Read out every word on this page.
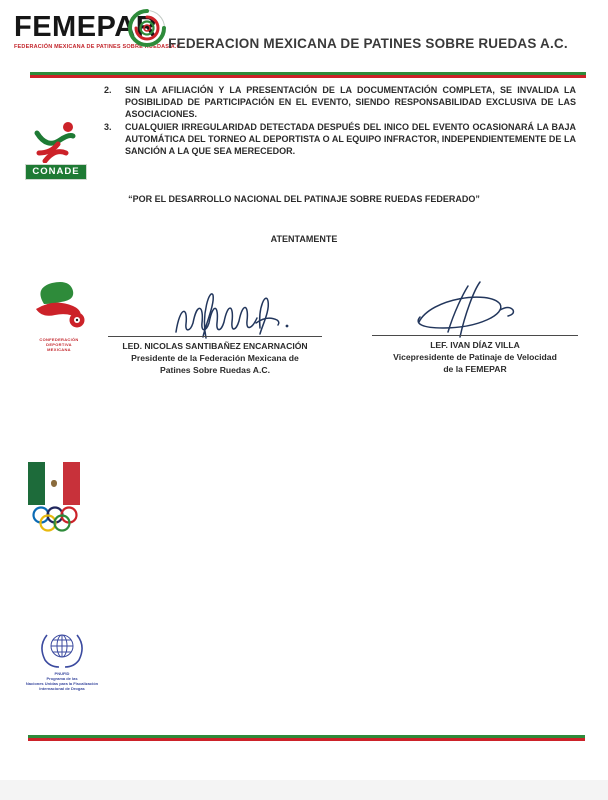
FEMEPAR
FEDERACIÓN MEXICANA DE PATINES SOBRE RUEDAS A.C.
FEDERACION MEXICANA DE PATINES SOBRE RUEDAS A.C.
2.	SIN LA AFILIACIÓN Y LA PRESENTACIÓN DE LA DOCUMENTACIÓN COMPLETA, SE INVALIDA LA POSIBILIDAD DE PARTICIPACIÓN EN EL EVENTO, SIENDO RESPONSABILIDAD EXCLUSIVA DE LAS ASOCIACIONES.
3.	CUALQUIER IRREGULARIDAD DETECTADA DESPUÉS DEL INICO DEL EVENTO OCASIONARÁ LA BAJA AUTOMÁTICA DEL TORNEO AL DEPORTISTA O AL EQUIPO INFRACTOR, INDEPENDIENTEMENTE DE LA SANCIÓN A LA QUE SEA MERECEDOR.
CONADE
“POR EL DESARROLLO NACIONAL DEL PATINAJE SOBRE RUEDAS FEDERADO”
ATENTAMENTE
CONFEDERACIÓN
DEPORTIVA
MEXICANA	LED. NICOLAS SANTIBAÑEZ ENCARNACIÓN
Presidente de la Federación Mexicana de
Patines Sobre Ruedas A.C.
LEF. IVAN DÍAZ VILLA
Vicepresidente de Patinaje de Velocidad
de la FEMEPAR
PNUFID
Programa de las
Naciones Unidas para la Fiscalización
Internacional de Drogas
